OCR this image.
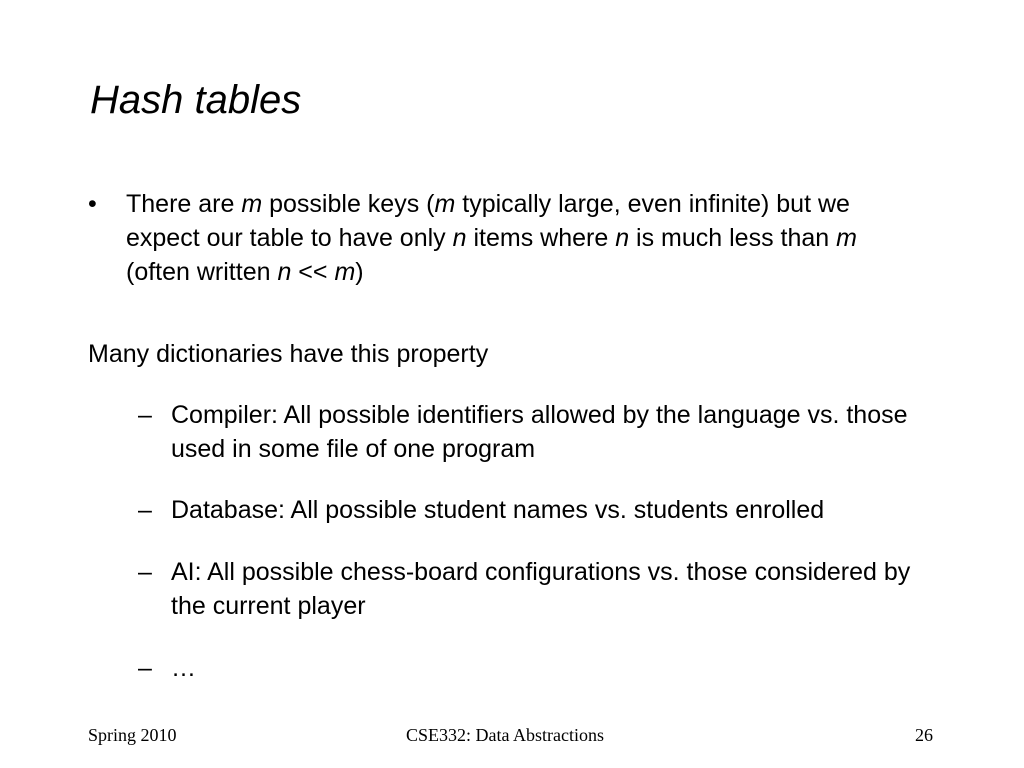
Hash tables
•	There are m possible keys (m typically large, even infinite) but we expect our table to have only n items where n is much less than m (often written n << m)
Many dictionaries have this property
– Compiler: All possible identifiers allowed by the language vs. those used in some file of one program
– Database: All possible student names vs. students enrolled
– AI: All possible chess-board configurations vs. those considered by the current player
– …
Spring 2010	CSE332: Data Abstractions	26
